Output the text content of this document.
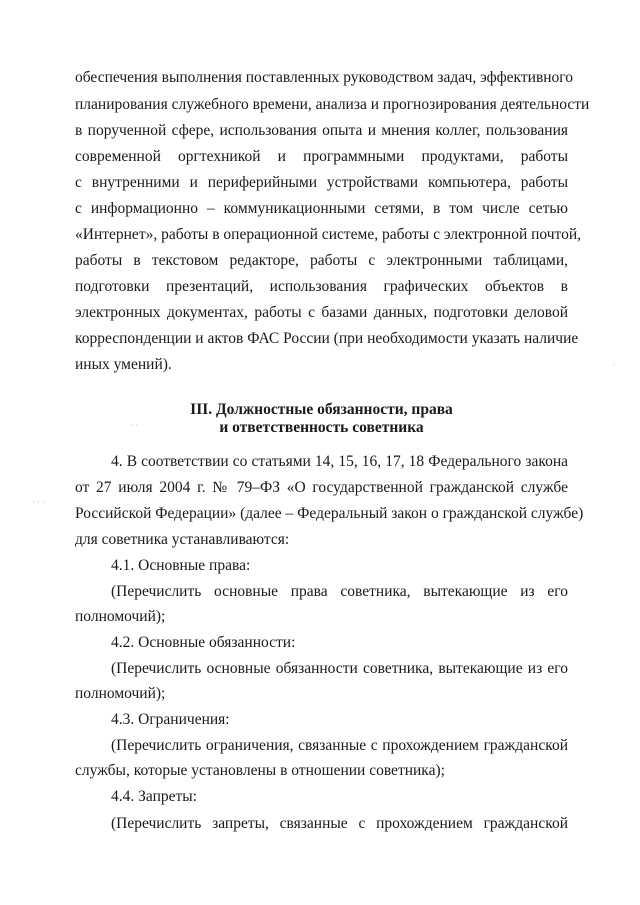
обеспечения выполнения поставленных руководством задач, эффективного
планирования служебного времени, анализа и прогнозирования деятельности
в порученной сфере, использования опыта и мнения коллег, пользования
современной оргтехникой и программными продуктами, работы
с внутренними и периферийными устройствами компьютера, работы
с информационно – коммуникационными сетями, в том числе сетью
«Интернет», работы в операционной системе, работы с электронной почтой,
работы в текстовом редакторе, работы с электронными таблицами,
подготовки презентаций, использования графических объектов в
электронных документах, работы с базами данных, подготовки деловой
корреспонденции и актов ФАС России (при необходимости указать наличие
иных умений).
III. Должностные обязанности, права
и ответственность советника
4. В соответствии со статьями 14, 15, 16, 17, 18 Федерального закона
от 27 июля 2004 г. № 79–ФЗ «О государственной гражданской службе
Российской Федерации» (далее – Федеральный закон о гражданской службе)
для советника устанавливаются:
4.1. Основные права:
(Перечислить основные права советника, вытекающие из его
полномочий);
4.2. Основные обязанности:
(Перечислить основные обязанности советника, вытекающие из его
полномочий);
4.3. Ограничения:
(Перечислить ограничения, связанные с прохождением гражданской
службы, которые установлены в отношении советника);
4.4. Запреты:
(Перечислить запреты, связанные с прохождением гражданской
· · ·
· ·
·
